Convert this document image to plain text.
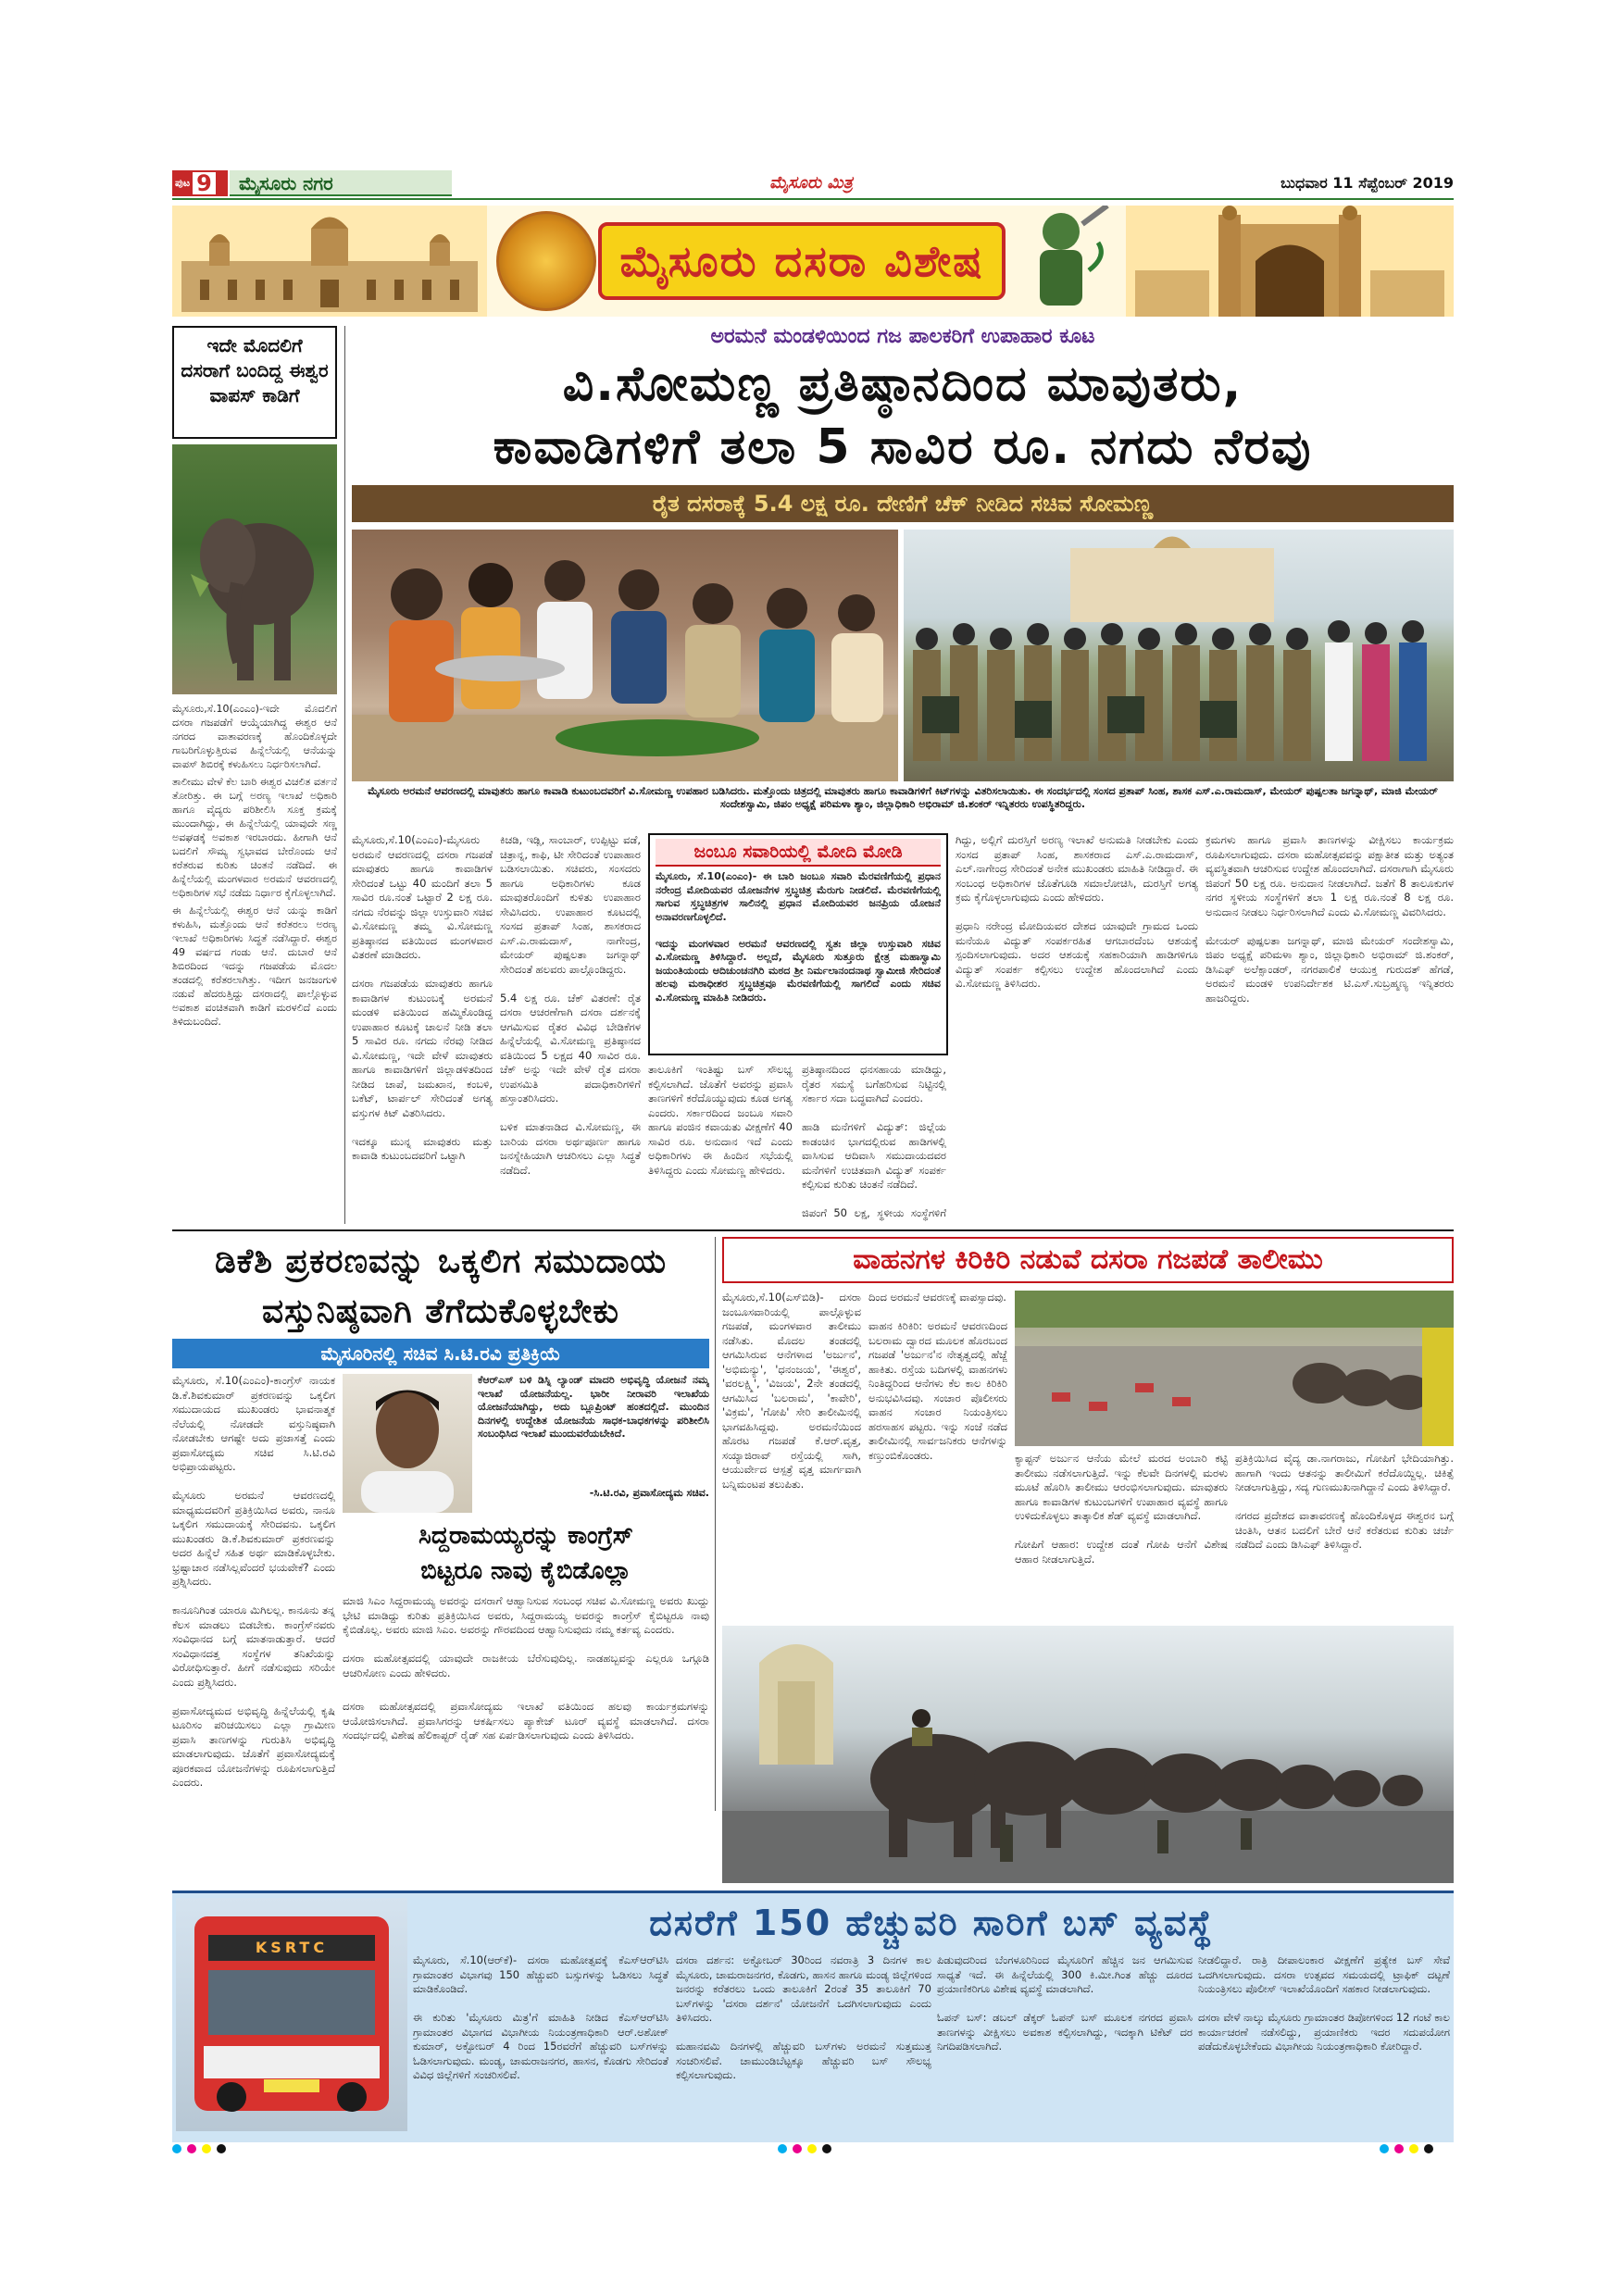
ಪುಟ 9	ಮೈಸೂರು ನಗರ	ಮೈಸೂರು ಮಿತ್ರ	ಬುಧವಾರ 11 ಸೆಪ್ಟೆಂಬರ್ 2019
ಮೈಸೂರು ದಸರಾ ವಿಶೇಷ
ಇದೇ ಮೊದಲಿಗೆ ದಸರಾಗೆ ಬಂದಿದ್ದ ಈಶ್ವರ ವಾಪಸ್ ಕಾಡಿಗೆ

ಮೈಸೂರು,ಸೆ.10(ಎಂಎಂ)-ಇದೇ ಮೊದಲಿಗೆ ದಸರಾ ಗಜಪಡೆಗೆ ಆಯ್ಕೆಯಾಗಿದ್ದ ಈಶ್ವರ ಆನೆ ನಗರದ ವಾತಾವರಣಕ್ಕೆ ಹೊಂದಿಕೊಳ್ಳದೇ ಗಾಬರಿಗೊಳ್ಳುತ್ತಿರುವ ಹಿನ್ನೆಲೆಯಲ್ಲಿ ಆನೆಯನ್ನು ವಾಪಸ್ ಶಿಬಿರಕ್ಕೆ ಕಳುಹಿಸಲು ನಿರ್ಧರಿಸಲಾಗಿದೆ.

ತಾಲೀಮು ವೇಳೆ ಕೆಲ ಬಾರಿ ಈಶ್ವರ ವಿಚಲಿತ ವರ್ತನೆ ತೋರಿತ್ತು. ಈ ಬಗ್ಗೆ ಅರಣ್ಯ ಇಲಾಖೆ ಅಧಿಕಾರಿ ಹಾಗೂ ವೈದ್ಯರು ಪರಿಶೀಲಿಸಿ ಸೂಕ್ತ ಕ್ರಮಕ್ಕೆ ಮುಂದಾಗಿದ್ದು, ಈ ಹಿನ್ನೆಲೆಯಲ್ಲಿ ಯಾವುದೇ ಸಣ್ಣ ಅವಘಡಕ್ಕೆ ಅವಕಾಶ ಇರಬಾರದು. ಹೀಗಾಗಿ ಆನೆ ಬದಲಿಗೆ ಸೌಮ್ಯ ಸ್ವಭಾವದ ಬೇರೊಂದು ಆನೆ ಕರೆತರುವ ಕುರಿತು ಚಿಂತನೆ ನಡೆದಿದೆ. ಈ ಹಿನ್ನೆಲೆಯಲ್ಲಿ ಮಂಗಳವಾರ ಅರಮನೆ ಆವರಣದಲ್ಲಿ ಅಧಿಕಾರಿಗಳ ಸಭೆ ನಡೆದು ನಿರ್ಧಾರ ಕೈಗೊಳ್ಳಲಾಗಿದೆ.

ಈ ಹಿನ್ನೆಲೆಯಲ್ಲಿ ಈಶ್ವರ ಆನೆ ಯನ್ನು ಕಾಡಿಗೆ ಕಳುಹಿಸಿ, ಮತ್ತೊಂದು ಆನೆ ಕರೆತರಲು ಅರಣ್ಯ ಇಲಾಖೆ ಅಧಿಕಾರಿಗಳು ಸಿದ್ಧತೆ ನಡೆಸಿದ್ದಾರೆ. ಈಶ್ವರ 49 ವರ್ಷದ ಗಂಡು ಆನೆ. ದುಬಾರೆ ಆನೆ ಶಿಬಿರದಿಂದ ಇದನ್ನು ಗಜಪಡೆಯ ಮೊದಲ ತಂಡದಲ್ಲಿ ಕರೆತರಲಾಗಿತ್ತು. ಇದೀಗ ಜನಜಂಗುಳಿ ನಡುವೆ ಹೆದರುತ್ತಿದ್ದು ದಸರಾದಲ್ಲಿ ಪಾಲ್ಗೊಳ್ಳುವ ಅವಕಾಶ ವಂಚಿತವಾಗಿ ಕಾಡಿಗೆ ಮರಳಲಿದೆ ಎಂದು ತಿಳಿದುಬಂದಿದೆ.

ಅರಮನೆ ಮಂಡಳಿಯಿಂದ ಗಜ ಪಾಲಕರಿಗೆ ಉಪಾಹಾರ ಕೂಟ
ವಿ.ಸೋಮಣ್ಣ ಪ್ರತಿಷ್ಠಾನದಿಂದ ಮಾವುತರು,
ಕಾವಾಡಿಗಳಿಗೆ ತಲಾ 5 ಸಾವಿರ ರೂ. ನಗದು ನೆರವು
ರೈತ ದಸರಾಕ್ಕೆ 5.4 ಲಕ್ಷ ರೂ. ದೇಣಿಗೆ ಚೆಕ್ ನೀಡಿದ ಸಚಿವ ಸೋಮಣ್ಣ
ಮೈಸೂರು ಅರಮನೆ ಆವರಣದಲ್ಲಿ ಮಾವುತರು ಹಾಗೂ ಕಾವಾಡಿ ಕುಟುಂಬದವರಿಗೆ ವಿ.ಸೋಮಣ್ಣ ಉಪಹಾರ ಬಡಿಸಿದರು. ಮತ್ತೊಂದು ಚಿತ್ರದಲ್ಲಿ ಮಾವುತರು ಹಾಗೂ ಕಾವಾಡಿಗಳಿಗೆ ಕಿಟ್‌ಗಳನ್ನು ವಿತರಿಸಲಾಯಿತು. ಈ ಸಂದರ್ಭದಲ್ಲಿ ಸಂಸದ ಪ್ರತಾಪ್ ಸಿಂಹ, ಶಾಸಕ ಎಸ್.ಎ.ರಾಮದಾಸ್, ಮೇಯರ್ ಪುಷ್ಪಲತಾ ಜಗನ್ನಾಥ್, ಮಾಜಿ ಮೇಯರ್ ಸಂದೇಶಸ್ವಾಮಿ, ಜಿಪಂ ಅಧ್ಯಕ್ಷೆ ಪರಿಮಳಾ ಶ್ಯಾಂ, ಜಿಲ್ಲಾಧಿಕಾರಿ ಅಭಿರಾಮ್ ಜಿ.ಶಂಕರ್ ಇನ್ನಿತರರು ಉಪಸ್ಥಿತರಿದ್ದರು.
ಮೈಸೂರು,ಸೆ.10(ಎಂಎಂ)-ಮೈಸೂರು ಅರಮನೆ ಆವರಣದಲ್ಲಿ ದಸರಾ ಗಜಪಡೆ ಮಾವುತರು ಹಾಗೂ ಕಾವಾಡಿಗಳ ಸೇರಿದಂತೆ ಒಟ್ಟು 40 ಮಂದಿಗೆ ತಲಾ 5 ಸಾವಿರ ರೂ.ನಂತೆ ಒಟ್ಟಾರೆ 2 ಲಕ್ಷ ರೂ. ನಗದು ನೆರವನ್ನು ಜಿಲ್ಲಾ ಉಸ್ತುವಾರಿ ಸಚಿವ ವಿ.ಸೋಮಣ್ಣ ತಮ್ಮ ವಿ.ಸೋಮಣ್ಣ ಪ್ರತಿಷ್ಠಾನದ ವತಿಯಿಂದ ಮಂಗಳವಾರ ವಿತರಣೆ ಮಾಡಿದರು.

ದಸರಾ ಗಜಪಡೆಯ ಮಾವುತರು ಹಾಗೂ ಕಾವಾಡಿಗಳ ಕುಟುಂಬಕ್ಕೆ ಅರಮನೆ ಮಂಡಳಿ ವತಿಯಿಂದ ಹಮ್ಮಿಕೊಂಡಿದ್ದ ಉಪಾಹಾರ ಕೂಟಕ್ಕೆ ಚಾಲನೆ ನೀಡಿ ತಲಾ 5 ಸಾವಿರ ರೂ. ನಗದು ನೆರವು ನೀಡಿದ ವಿ.ಸೋಮಣ್ಣ, ಇದೇ ವೇಳೆ ಮಾವುತರು ಹಾಗೂ ಕಾವಾಡಿಗಳಿಗೆ ಜಿಲ್ಲಾಡಳಿತದಿಂದ ನೀಡಿದ ಚಾಪೆ, ಜಮಖಾನ, ಕಂಬಳಿ, ಬಕೆಟ್, ಟಾರ್ಪಲ್ ಸೇರಿದಂತೆ ಅಗತ್ಯ ವಸ್ತುಗಳ ಕಿಟ್ ವಿತರಿಸಿದರು.

ಇದಕ್ಕೂ ಮುನ್ನ ಮಾವುತರು ಮತ್ತು ಕಾವಾಡಿ ಕುಟುಂಬದವರಿಗೆ ಒಟ್ಟಾಗಿ
ಕಿಚಡಿ, ಇಡ್ಲಿ, ಸಾಂಬಾರ್, ಉಪ್ಪಿಟ್ಟು ವಡೆ, ಚಿತ್ರಾನ್ನ, ಕಾಫಿ, ಟೀ ಸೇರಿದಂತೆ ಉಪಾಹಾರ ಬಡಿಸಲಾಯಿತು. ಸಚಿವರು, ಸಂಸದರು ಹಾಗೂ ಅಧಿಕಾರಿಗಳು ಕೂಡ ಮಾವುತರೊಂದಿಗೆ ಕುಳಿತು ಉಪಾಹಾರ ಸೇವಿಸಿದರು. ಉಪಾಹಾರ ಕೂಟದಲ್ಲಿ ಸಂಸದ ಪ್ರತಾಪ್ ಸಿಂಹ, ಶಾಸಕರಾದ ಎಸ್.ಎ.ರಾಮದಾಸ್, ನಾಗೇಂದ್ರ, ಮೇಯರ್ ಪುಷ್ಪಲತಾ ಜಗನ್ನಾಥ್ ಸೇರಿದಂತೆ ಹಲವರು ಪಾಲ್ಗೊಂಡಿದ್ದರು.

5.4 ಲಕ್ಷ ರೂ. ಚೆಕ್ ವಿತರಣೆ: ರೈತ ದಸರಾ ಆಚರಣೆಗಾಗಿ ದಸರಾ ದರ್ಶನಕ್ಕೆ ಆಗಮಿಸುವ ರೈತರ ವಿವಿಧ ಬೇಡಿಕೆಗಳ ಹಿನ್ನೆಲೆಯಲ್ಲಿ ವಿ.ಸೋಮಣ್ಣ ಪ್ರತಿಷ್ಠಾನದ ವತಿಯಿಂದ 5 ಲಕ್ಷದ 40 ಸಾವಿರ ರೂ. ಚೆಕ್ ಅನ್ನು ಇದೇ ವೇಳೆ ರೈತ ದಸರಾ ಉಪಸಮಿತಿ ಪದಾಧಿಕಾರಿಗಳಿಗೆ ಹಸ್ತಾಂತರಿಸಿದರು.

ಬಳಿಕ ಮಾತನಾಡಿದ ವಿ.ಸೋಮಣ್ಣ, ಈ ಬಾರಿಯ ದಸರಾ ಅರ್ಥಪೂರ್ಣ ಹಾಗೂ ಜನಸ್ನೇಹಿಯಾಗಿ ಆಚರಿಸಲು ಎಲ್ಲಾ ಸಿದ್ಧತೆ ನಡೆದಿದೆ.
ಜಂಬೂ ಸವಾರಿಯಲ್ಲಿ ಮೋದಿ ಮೋಡಿ
ಮೈಸೂರು, ಸೆ.10(ಎಂಎಂ)- ಈ ಬಾರಿ ಜಂಬೂ ಸವಾರಿ ಮೆರವಣಿಗೆಯಲ್ಲಿ ಪ್ರಧಾನ ನರೇಂದ್ರ ಮೋದಿಯವರ ಯೋಜನೆಗಳ ಸ್ತಬ್ಧಚಿತ್ರ ಮೆರುಗು ನೀಡಲಿದೆ. ಮೆರವಣಿಗೆಯಲ್ಲಿ ಸಾಗುವ ಸ್ತಬ್ಧಚಿತ್ರಗಳ ಸಾಲಿನಲ್ಲಿ ಪ್ರಧಾನ ಮೋದಿಯವರ ಜನಪ್ರಿಯ ಯೋಜನೆ ಅನಾವರಣಗೊಳ್ಳಲಿದೆ.

ಇದನ್ನು ಮಂಗಳವಾರ ಅರಮನೆ ಆವರಣದಲ್ಲಿ ಸ್ವತಃ ಜಿಲ್ಲಾ ಉಸ್ತುವಾರಿ ಸಚಿವ ವಿ.ಸೋಮಣ್ಣ ತಿಳಿಸಿದ್ದಾರೆ. ಅಲ್ಲದೆ, ಮೈಸೂರು ಸುತ್ತೂರು ಕ್ಷೇತ್ರ ಮಹಾಸ್ವಾಮಿ ಜಯಂತಿಯಂದು ಆದಿಚುಂಚನಗಿರಿ ಮಠದ ಶ್ರೀ ನಿರ್ಮಲಾನಂದನಾಥ ಸ್ವಾಮೀಜಿ ಸೇರಿದಂತೆ ಹಲವು ಮಠಾಧೀಶರ ಸ್ತಬ್ಧಚಿತ್ರವೂ ಮೆರವಣಿಗೆಯಲ್ಲಿ ಸಾಗಲಿದೆ ಎಂದು ಸಚಿವ ವಿ.ಸೋಮಣ್ಣ ಮಾಹಿತಿ ನೀಡಿದರು.
ತಾಲೂಕಿಗೆ ಇಂತಿಷ್ಟು ಬಸ್ ಸೌಲಭ್ಯ ಕಲ್ಪಿಸಲಾಗಿದೆ. ಜೊತೆಗೆ ಅವರನ್ನು ಪ್ರವಾಸಿ ತಾಣಗಳಿಗೆ ಕರೆದೊಯ್ಯುವುದು ಕೂಡ ಅಗತ್ಯ ಎಂದರು. ಸರ್ಕಾರದಿಂದ ಜಂಬೂ ಸವಾರಿ ಹಾಗೂ ಪಂಜಿನ ಕವಾಯತು ವೀಕ್ಷಣೆಗೆ 40 ಸಾವಿರ ರೂ. ಅನುದಾನ ಇದೆ ಎಂದು ಅಧಿಕಾರಿಗಳು ಈ ಹಿಂದಿನ ಸಭೆಯಲ್ಲಿ ತಿಳಿಸಿದ್ದರು ಎಂದು ಸೋಮಣ್ಣ ಹೇಳಿದರು.
ಪ್ರತಿಷ್ಠಾನದಿಂದ ಧನಸಹಾಯ ಮಾಡಿದ್ದು, ರೈತರ ಸಮಸ್ಯೆ ಬಗೆಹರಿಸುವ ನಿಟ್ಟಿನಲ್ಲಿ ಸರ್ಕಾರ ಸದಾ ಬದ್ಧವಾಗಿದೆ ಎಂದರು.

ಹಾಡಿ ಮನೆಗಳಿಗೆ ವಿದ್ಯುತ್: ಜಿಲ್ಲೆಯ ಕಾಡಂಚಿನ ಭಾಗದಲ್ಲಿರುವ ಹಾಡಿಗಳಲ್ಲಿ ವಾಸಿಸುವ ಆದಿವಾಸಿ ಸಮುದಾಯದವರ ಮನೆಗಳಿಗೆ ಉಚಿತವಾಗಿ ವಿದ್ಯುತ್ ಸಂಪರ್ಕ ಕಲ್ಪಿಸುವ ಕುರಿತು ಚಿಂತನೆ ನಡೆದಿದೆ.

ಜಿಪಂಗೆ 50 ಲಕ್ಷ, ಸ್ಥಳೀಯ ಸಂಸ್ಥೆಗಳಿಗೆ
ಗಿದ್ದು, ಅಲ್ಲಿಗೆ ದುರಸ್ತಿಗೆ ಅರಣ್ಯ ಇಲಾಖೆ ಅನುಮತಿ ನೀಡಬೇಕು ಎಂದು ಸಂಸದ ಪ್ರತಾಪ್ ಸಿಂಹ, ಶಾಸಕರಾದ ಎಸ್.ಎ.ರಾಮದಾಸ್, ಎಲ್.ನಾಗೇಂದ್ರ ಸೇರಿದಂತೆ ಅನೇಕ ಮುಖಂಡರು ಮಾಹಿತಿ ನೀಡಿದ್ದಾರೆ. ಈ ಸಂಬಂಧ ಅಧಿಕಾರಿಗಳ ಜೊತೆಗೂಡಿ ಸಮಾಲೋಚಿಸಿ, ದುರಸ್ತಿಗೆ ಅಗತ್ಯ ಕ್ರಮ ಕೈಗೊಳ್ಳಲಾಗುವುದು ಎಂದು ಹೇಳಿದರು.

ಪ್ರಧಾನಿ ನರೇಂದ್ರ ಮೋದಿಯವರ ದೇಶದ ಯಾವುದೇ ಗ್ರಾಮದ ಒಂದು ಮನೆಯೂ ವಿದ್ಯುತ್ ಸಂಪರ್ಕರಹಿತ ಆಗಬಾರದೆಂಬ ಆಶಯಕ್ಕೆ ಸ್ಪಂದಿಸಲಾಗುವುದು. ಅದರ ಆಶಯಕ್ಕೆ ಸಹಕಾರಿಯಾಗಿ ಹಾಡಿಗಳಿಗೂ ವಿದ್ಯುತ್ ಸಂಪರ್ಕ ಕಲ್ಪಿಸಲು ಉದ್ದೇಶ ಹೊಂದಲಾಗಿದೆ ಎಂದು ವಿ.ಸೋಮಣ್ಣ ತಿಳಿಸಿದರು.
ಕ್ರಮಗಳು ಹಾಗೂ ಪ್ರವಾಸಿ ತಾಣಗಳನ್ನು ವೀಕ್ಷಿಸಲು ಕಾರ್ಯಕ್ರಮ ರೂಪಿಸಲಾಗುವುದು. ದಸರಾ ಮಹೋತ್ಸವವನ್ನು ಪಕ್ಷಾತೀತ ಮತ್ತು ಅತ್ಯಂತ ವ್ಯವಸ್ಥಿತವಾಗಿ ಆಚರಿಸುವ ಉದ್ದೇಶ ಹೊಂದಲಾಗಿದೆ. ದಸರಾಗಾಗಿ ಮೈಸೂರು ಜಿಪಂಗೆ 50 ಲಕ್ಷ ರೂ. ಅನುದಾನ ನೀಡಲಾಗಿದೆ. ಜತೆಗೆ 8 ತಾಲೂಕುಗಳ ನಗರ ಸ್ಥಳೀಯ ಸಂಸ್ಥೆಗಳಿಗೆ ತಲಾ 1 ಲಕ್ಷ ರೂ.ನಂತೆ 8 ಲಕ್ಷ ರೂ. ಅನುದಾನ ನೀಡಲು ನಿರ್ಧರಿಸಲಾಗಿದೆ ಎಂದು ವಿ.ಸೋಮಣ್ಣ ವಿವರಿಸಿದರು.

ಮೇಯರ್ ಪುಷ್ಪಲತಾ ಜಗನ್ನಾಥ್, ಮಾಜಿ ಮೇಯರ್ ಸಂದೇಶಸ್ವಾಮಿ, ಜಿಪಂ ಅಧ್ಯಕ್ಷೆ ಪರಿಮಳಾ ಶ್ಯಾಂ, ಜಿಲ್ಲಾಧಿಕಾರಿ ಅಭಿರಾಮ್ ಜಿ.ಶಂಕರ್, ಡಿಸಿಎಫ್ ಅಲೆಕ್ಸಾಂಡರ್, ನಗರಪಾಲಿಕೆ ಆಯುಕ್ತ ಗುರುದತ್ ಹೆಗಡೆ, ಅರಮನೆ ಮಂಡಳಿ ಉಪನಿರ್ದೇಶಕ ಟಿ.ಎಸ್.ಸುಬ್ರಹ್ಮಣ್ಯ ಇನ್ನಿತರರು ಹಾಜರಿದ್ದರು.
ಡಿಕೆಶಿ ಪ್ರಕರಣವನ್ನು ಒಕ್ಕಲಿಗ ಸಮುದಾಯ
ವಸ್ತುನಿಷ್ಠವಾಗಿ ತೆಗೆದುಕೊಳ್ಳಬೇಕು
ಮೈಸೂರಿನಲ್ಲಿ ಸಚಿವ ಸಿ.ಟಿ.ರವಿ ಪ್ರತಿಕ್ರಿಯೆ
ಮೈಸೂರು, ಸೆ.10(ಎಂಎಂ)-ಕಾಂಗ್ರೆಸ್ ನಾಯಕ ಡಿ.ಕೆ.ಶಿವಕುಮಾರ್ ಪ್ರಕರಣವನ್ನು ಒಕ್ಕಲಿಗ ಸಮುದಾಯದ ಮುಖಂಡರು ಭಾವನಾತ್ಮಕ ನೆಲೆಯಲ್ಲಿ ನೋಡದೇ ವಸ್ತುನಿಷ್ಠವಾಗಿ ನೋಡಬೇಕು ಆಗಷ್ಟೇ ಅದು ಪ್ರಜಾಸತ್ತೆ ಎಂದು ಪ್ರವಾಸೋದ್ಯಮ ಸಚಿವ ಸಿ.ಟಿ.ರವಿ ಅಭಿಪ್ರಾಯಪಟ್ಟರು.

ಮೈಸೂರು ಅರಮನೆ ಆವರಣದಲ್ಲಿ ಮಾಧ್ಯಮದವರಿಗೆ ಪ್ರತಿಕ್ರಿಯಿಸಿದ ಅವರು, ನಾನೂ ಒಕ್ಕಲಿಗ ಸಮುದಾಯಕ್ಕೆ ಸೇರಿದವನು. ಒಕ್ಕಲಿಗ ಮುಖಂಡರು ಡಿ.ಕೆ.ಶಿವಕುಮಾರ್ ಪ್ರಕರಣವನ್ನು ಅದರ ಹಿನ್ನೆಲೆ ಸಹಿತ ಅರ್ಥ ಮಾಡಿಕೊಳ್ಳಬೇಕು. ಭ್ರಷ್ಟಾಚಾರ ನಡೆಸಿಲ್ಲವೆಂದರೆ ಭಯವೇಕೆ? ಎಂದು ಪ್ರಶ್ನಿಸಿದರು.

ಕಾನೂನಿಗಿಂತ ಯಾರೂ ಮಿಗಿಲಲ್ಲ. ಕಾನೂನು ತನ್ನ ಕೆಲಸ ಮಾಡಲು ಬಿಡಬೇಕು. ಕಾಂಗ್ರೆಸ್‌ನವರು ಸಂವಿಧಾನದ ಬಗ್ಗೆ ಮಾತನಾಡುತ್ತಾರೆ. ಆದರೆ ಸಂವಿಧಾನದತ್ತ ಸಂಸ್ಥೆಗಳ ತನಿಖೆಯನ್ನು ವಿರೋಧಿಸುತ್ತಾರೆ. ಹೀಗೆ ನಡೆಸುವುದು ಸರಿಯೇ ಎಂದು ಪ್ರಶ್ನಿಸಿದರು.

ಪ್ರವಾಸೋದ್ಯಮದ ಅಭಿವೃದ್ಧಿ ಹಿನ್ನೆಲೆಯಲ್ಲಿ ಕೃಷಿ ಟೂರಿಸಂ ಪರಿಚಯಿಸಲು ಎಲ್ಲಾ ಗ್ರಾಮೀಣ ಪ್ರವಾಸಿ ತಾಣಗಳನ್ನು ಗುರುತಿಸಿ ಅಭಿವೃದ್ಧಿ ಮಾಡಲಾಗುವುದು. ಜೊತೆಗೆ ಪ್ರವಾಸೋದ್ಯಮಕ್ಕೆ ಪೂರಕವಾದ ಯೋಜನೆಗಳನ್ನು ರೂಪಿಸಲಾಗುತ್ತಿದೆ ಎಂದರು.
ಕೆಆರ್‌ಎಸ್ ಬಳಿ ಡಿಸ್ನಿ ಲ್ಯಾಂಡ್ ಮಾದರಿ ಅಭಿವೃದ್ಧಿ ಯೋಜನೆ ನಮ್ಮ ಇಲಾಖೆ ಯೋಜನೆಯಲ್ಲ. ಭಾರೀ ನೀರಾವರಿ ಇಲಾಖೆಯ ಯೋಜನೆಯಾಗಿದ್ದು, ಅದು ಬ್ಲೂಪ್ರಿಂಟ್ ಹಂತದಲ್ಲಿದೆ. ಮುಂದಿನ ದಿನಗಳಲ್ಲಿ ಉದ್ದೇಶಿತ ಯೋಜನೆಯ ಸಾಧಕ-ಬಾಧಕಗಳನ್ನು ಪರಿಶೀಲಿಸಿ ಸಂಬಂಧಿಸಿದ ಇಲಾಖೆ ಮುಂದುವರೆಯಬೇಕಿದೆ.
-ಸಿ.ಟಿ.ರವಿ, ಪ್ರವಾಸೋದ್ಯಮ ಸಚಿವ.
ಸಿದ್ದರಾಮಯ್ಯರನ್ನು ಕಾಂಗ್ರೆಸ್
ಬಿಟ್ಟರೂ ನಾವು ಕೈಬಿಡೊಲ್ಲಾ
ಮಾಜಿ ಸಿಎಂ ಸಿದ್ದರಾಮಯ್ಯ ಅವರನ್ನು ದಸರಾಗೆ ಆಹ್ವಾನಿಸುವ ಸಂಬಂಧ ಸಚಿವ ವಿ.ಸೋಮಣ್ಣ ಅವರು ಖುದ್ದು ಭೇಟಿ ಮಾಡಿದ್ದು ಕುರಿತು ಪ್ರತಿಕ್ರಿಯಿಸಿದ ಅವರು, ಸಿದ್ದರಾಮಯ್ಯ ಅವರನ್ನು ಕಾಂಗ್ರೆಸ್ ಕೈಬಿಟ್ಟರೂ ನಾವು ಕೈಬಿಡೊಲ್ಲ. ಅವರು ಮಾಜಿ ಸಿಎಂ. ಅವರನ್ನು ಗೌರವದಿಂದ ಆಹ್ವಾನಿಸುವುದು ನಮ್ಮ ಕರ್ತವ್ಯ ಎಂದರು.

ದಸರಾ ಮಹೋತ್ಸವದಲ್ಲಿ ಯಾವುದೇ ರಾಜಕೀಯ ಬೆರೆಸುವುದಿಲ್ಲ. ನಾಡಹಬ್ಬವನ್ನು ಎಲ್ಲರೂ ಒಗ್ಗೂಡಿ ಆಚರಿಸೋಣ ಎಂದು ಹೇಳಿದರು.
ದಸರಾ ಮಹೋತ್ಸವದಲ್ಲಿ ಪ್ರವಾಸೋದ್ಯಮ ಇಲಾಖೆ ವತಿಯಿಂದ ಹಲವು ಕಾರ್ಯಕ್ರಮಗಳನ್ನು ಆಯೋಜಿಸಲಾಗಿದೆ. ಪ್ರವಾಸಿಗರನ್ನು ಆಕರ್ಷಿಸಲು ಪ್ಯಾಕೇಜ್ ಟೂರ್ ವ್ಯವಸ್ಥೆ ಮಾಡಲಾಗಿದೆ. ದಸರಾ ಸಂದರ್ಭದಲ್ಲಿ ವಿಶೇಷ ಹೆಲಿಕಾಪ್ಟರ್ ರೈಡ್ ಸಹ ಏರ್ಪಡಿಸಲಾಗುವುದು ಎಂದು ತಿಳಿಸಿದರು.
ವಾಹನಗಳ ಕಿರಿಕಿರಿ ನಡುವೆ ದಸರಾ ಗಜಪಡೆ ತಾಲೀಮು
ಮೈಸೂರು,ಸೆ.10(ಎಸ್‌ಬಿಡಿ)- ದಸರಾ ಜಂಬೂಸವಾರಿಯಲ್ಲಿ ಪಾಲ್ಗೊಳ್ಳುವ ಗಜಪಡೆ, ಮಂಗಳವಾರ ತಾಲೀಮು ನಡೆಸಿತು. ಮೊದಲ ತಂಡದಲ್ಲಿ ಆಗಮಿಸಿರುವ ಆನೆಗಳಾದ 'ಅರ್ಜುನ', 'ಅಭಿಮನ್ಯು', 'ಧನಂಜಯ', 'ಈಶ್ವರ', 'ವರಲಕ್ಷ್ಮಿ', 'ವಿಜಯ', 2ನೇ ತಂಡದಲ್ಲಿ ಆಗಮಿಸಿದ 'ಬಲರಾಮ', 'ಕಾವೇರಿ', 'ವಿಕ್ರಮ', 'ಗೋಪಿ' ಸೇರಿ ತಾಲೀಮಿನಲ್ಲಿ ಭಾಗವಹಿಸಿದ್ದವು. ಅರಮನೆಯಿಂದ ಹೊರಟ ಗಜಪಡೆ ಕೆ.ಆರ್.ವೃತ್ತ, ಸಯ್ಯಾಜಿರಾವ್ ರಸ್ತೆಯಲ್ಲಿ ಸಾಗಿ, ಆಯುರ್ವೇದ ಆಸ್ಪತ್ರೆ ವೃತ್ತ ಮಾರ್ಗವಾಗಿ ಬನ್ನಿಮಂಟಪ ತಲುಪಿತು.
ದಿಂದ ಅರಮನೆ ಆವರಣಕ್ಕೆ ವಾಪಸ್ಸಾದವು.

ವಾಹನ ಕಿರಿಕಿರಿ: ಅರಮನೆ ಆವರಣದಿಂದ ಬಲರಾಮ ದ್ವಾರದ ಮೂಲಕ ಹೊರಬಂದ ಗಜಪಡೆ 'ಅರ್ಜುನ'ನ ನೇತೃತ್ವದಲ್ಲಿ ಹೆಜ್ಜೆ ಹಾಕಿತು. ರಸ್ತೆಯ ಬದಿಗಳಲ್ಲಿ ವಾಹನಗಳು ನಿಂತಿದ್ದರಿಂದ ಆನೆಗಳು ಕೆಲ ಕಾಲ ಕಿರಿಕಿರಿ ಅನುಭವಿಸಿದವು. ಸಂಚಾರ ಪೊಲೀಸರು ವಾಹನ ಸಂಚಾರ ನಿಯಂತ್ರಿಸಲು ಹರಸಾಹಸ ಪಟ್ಟರು. ಇನ್ನು ಸಂಜೆ ನಡೆದ ತಾಲೀಮಿನಲ್ಲಿ ಸಾರ್ವಜನಿಕರು ಆನೆಗಳನ್ನು ಕಣ್ತುಂಬಿಕೊಂಡರು.	ಕ್ಯಾಪ್ಟನ್ ಅರ್ಜುನ ಆನೆಯ ಮೇಲೆ ಮರದ ಅಂಬಾರಿ ಕಟ್ಟಿ ತಾಲೀಮು ನಡೆಸಲಾಗುತ್ತಿದೆ. ಇನ್ನು ಕೆಲವೇ ದಿನಗಳಲ್ಲಿ ಮರಳು ಮೂಟೆ ಹೊರಿಸಿ ತಾಲೀಮು ಆರಂಭಿಸಲಾಗುವುದು. ಮಾವುತರು ಹಾಗೂ ಕಾವಾಡಿಗಳ ಕುಟುಂಬಗಳಿಗೆ ಉಪಾಹಾರ ವ್ಯವಸ್ಥೆ ಹಾಗೂ ಉಳಿದುಕೊಳ್ಳಲು ತಾತ್ಕಾಲಿಕ ಶೆಡ್ ವ್ಯವಸ್ಥೆ ಮಾಡಲಾಗಿದೆ.

ಗೋಪಿಗೆ ಆಹಾರ: ಉದ್ದೇಶ ದಂತೆ ಗೋಪಿ ಆನೆಗೆ ವಿಶೇಷ ಆಹಾರ ನೀಡಲಾಗುತ್ತಿದೆ.
ಪ್ರತಿಕ್ರಿಯಿಸಿದ ವೈದ್ಯ ಡಾ.ನಾಗರಾಜು, ಗೋಪಿಗೆ ಭೇದಿಯಾಗಿತ್ತು. ಹಾಗಾಗಿ ಇಂದು ಆತನನ್ನು ತಾಲೀಮಿಗೆ ಕರೆದೊಯ್ದಿಲ್ಲ. ಚಿಕಿತ್ಸೆ ನೀಡಲಾಗುತ್ತಿದ್ದು, ಸದ್ಯ ಗುಣಮುಖನಾಗಿದ್ದಾನೆ ಎಂದು ತಿಳಿಸಿದ್ದಾರೆ.

ನಗರದ ಪ್ರದೇಶದ ವಾತಾವರಣಕ್ಕೆ ಹೊಂದಿಕೊಳ್ಳದ ಈಶ್ವರನ ಬಗ್ಗೆ ಚಿಂತಿಸಿ, ಆತನ ಬದಲಿಗೆ ಬೇರೆ ಆನೆ ಕರೆತರುವ ಕುರಿತು ಚರ್ಚೆ ನಡೆದಿದೆ ಎಂದು ಡಿಸಿಎಫ್ ತಿಳಿಸಿದ್ದಾರೆ.
ದಸರೆಗೆ 150 ಹೆಚ್ಚುವರಿ ಸಾರಿಗೆ ಬಸ್ ವ್ಯವಸ್ಥೆ
KSRTC
ಮೈಸೂರು, ಸೆ.10(ಆರ್‌ಕೆ)- ದಸರಾ ಮಹೋತ್ಸವಕ್ಕೆ ಕೆಎಸ್‌ಆರ್‌ಟಿಸಿ ಗ್ರಾಮಾಂತರ ವಿಭಾಗವು 150 ಹೆಚ್ಚುವರಿ ಬಸ್ಸುಗಳನ್ನು ಓಡಿಸಲು ಸಿದ್ಧತೆ ಮಾಡಿಕೊಂಡಿದೆ.

ಈ ಕುರಿತು 'ಮೈಸೂರು ಮಿತ್ರ'ಗೆ ಮಾಹಿತಿ ನೀಡಿದ ಕೆಎಸ್‌ಆರ್‌ಟಿಸಿ ಗ್ರಾಮಾಂತರ ವಿಭಾಗದ ವಿಭಾಗೀಯ ನಿಯಂತ್ರಣಾಧಿಕಾರಿ ಆರ್.ಅಶೋಕ್ ಕುಮಾರ್, ಅಕ್ಟೋಬರ್ 4 ರಿಂದ 15ರವರೆಗೆ ಹೆಚ್ಚುವರಿ ಬಸ್‌ಗಳನ್ನು ಓಡಿಸಲಾಗುವುದು. ಮಂಡ್ಯ, ಚಾಮರಾಜನಗರ, ಹಾಸನ, ಕೊಡಗು ಸೇರಿದಂತೆ ವಿವಿಧ ಜಿಲ್ಲೆಗಳಿಗೆ ಸಂಚರಿಸಲಿವೆ.
ದಸರಾ ದರ್ಶನ: ಅಕ್ಟೋಬರ್ 30ರಿಂದ ನವರಾತ್ರಿ 3 ದಿನಗಳ ಕಾಲ ಮೈಸೂರು, ಚಾಮರಾಜನಗರ, ಕೊಡಗು, ಹಾಸನ ಹಾಗೂ ಮಂಡ್ಯ ಜಿಲ್ಲೆಗಳಿಂದ ಜನರನ್ನು ಕರೆತರಲು ಒಂದು ತಾಲೂಕಿಗೆ 2ರಂತೆ 35 ತಾಲೂಕಿಗೆ 70 ಬಸ್‌ಗಳನ್ನು 'ದಸರಾ ದರ್ಶನ' ಯೋಜನೆಗೆ ಒದಗಿಸಲಾಗುವುದು ಎಂದು ತಿಳಿಸಿದರು.

ಮಹಾನವಮಿ ದಿನಗಳಲ್ಲಿ ಹೆಚ್ಚುವರಿ ಬಸ್‌ಗಳು ಅರಮನೆ ಸುತ್ತಮುತ್ತ ಸಂಚರಿಸಲಿವೆ. ಚಾಮುಂಡಿಬೆಟ್ಟಕ್ಕೂ ಹೆಚ್ಚುವರಿ ಬಸ್ ಸೌಲಭ್ಯ ಕಲ್ಪಿಸಲಾಗುವುದು.
ಪಿಡುವುದರಿಂದ ಬೆಂಗಳೂರಿನಿಂದ ಮೈಸೂರಿಗೆ ಹೆಚ್ಚಿನ ಜನ ಆಗಮಿಸುವ ಸಾಧ್ಯತೆ ಇದೆ. ಈ ಹಿನ್ನೆಲೆಯಲ್ಲಿ 300 ಕಿ.ಮೀ.ಗಿಂತ ಹೆಚ್ಚು ದೂರದ ಪ್ರಯಾಣಿಕರಿಗೂ ವಿಶೇಷ ವ್ಯವಸ್ಥೆ ಮಾಡಲಾಗಿದೆ.

ಓಪನ್ ಬಸ್: ಡಬಲ್ ಡೆಕ್ಕರ್ ಓಪನ್ ಬಸ್ ಮೂಲಕ ನಗರದ ಪ್ರವಾಸಿ ತಾಣಗಳನ್ನು ವೀಕ್ಷಿಸಲು ಅವಕಾಶ ಕಲ್ಪಿಸಲಾಗಿದ್ದು, ಇದಕ್ಕಾಗಿ ಟಿಕೆಟ್ ದರ ನಿಗದಿಪಡಿಸಲಾಗಿದೆ.
ನೀಡಲಿದ್ದಾರೆ. ರಾತ್ರಿ ದೀಪಾಲಂಕಾರ ವೀಕ್ಷಣೆಗೆ ಪ್ರತ್ಯೇಕ ಬಸ್ ಸೇವೆ ಒದಗಿಸಲಾಗುವುದು. ದಸರಾ ಉತ್ಸವದ ಸಮಯದಲ್ಲಿ ಟ್ರಾಫಿಕ್ ದಟ್ಟಣೆ ನಿಯಂತ್ರಿಸಲು ಪೊಲೀಸ್ ಇಲಾಖೆಯೊಂದಿಗೆ ಸಹಕಾರ ನೀಡಲಾಗುವುದು.

ದಸರಾ ವೇಳೆ ನಾಲ್ಕು ಮೈಸೂರು ಗ್ರಾಮಾಂತರ ಡಿಪೋಗಳಿಂದ 12 ಗಂಟೆ ಕಾಲ ಕಾರ್ಯಾಚರಣೆ ನಡೆಸಲಿದ್ದು, ಪ್ರಯಾಣಿಕರು ಇದರ ಸದುಪಯೋಗ ಪಡೆದುಕೊಳ್ಳಬೇಕೆಂದು ವಿಭಾಗೀಯ ನಿಯಂತ್ರಣಾಧಿಕಾರಿ ಕೋರಿದ್ದಾರೆ.
